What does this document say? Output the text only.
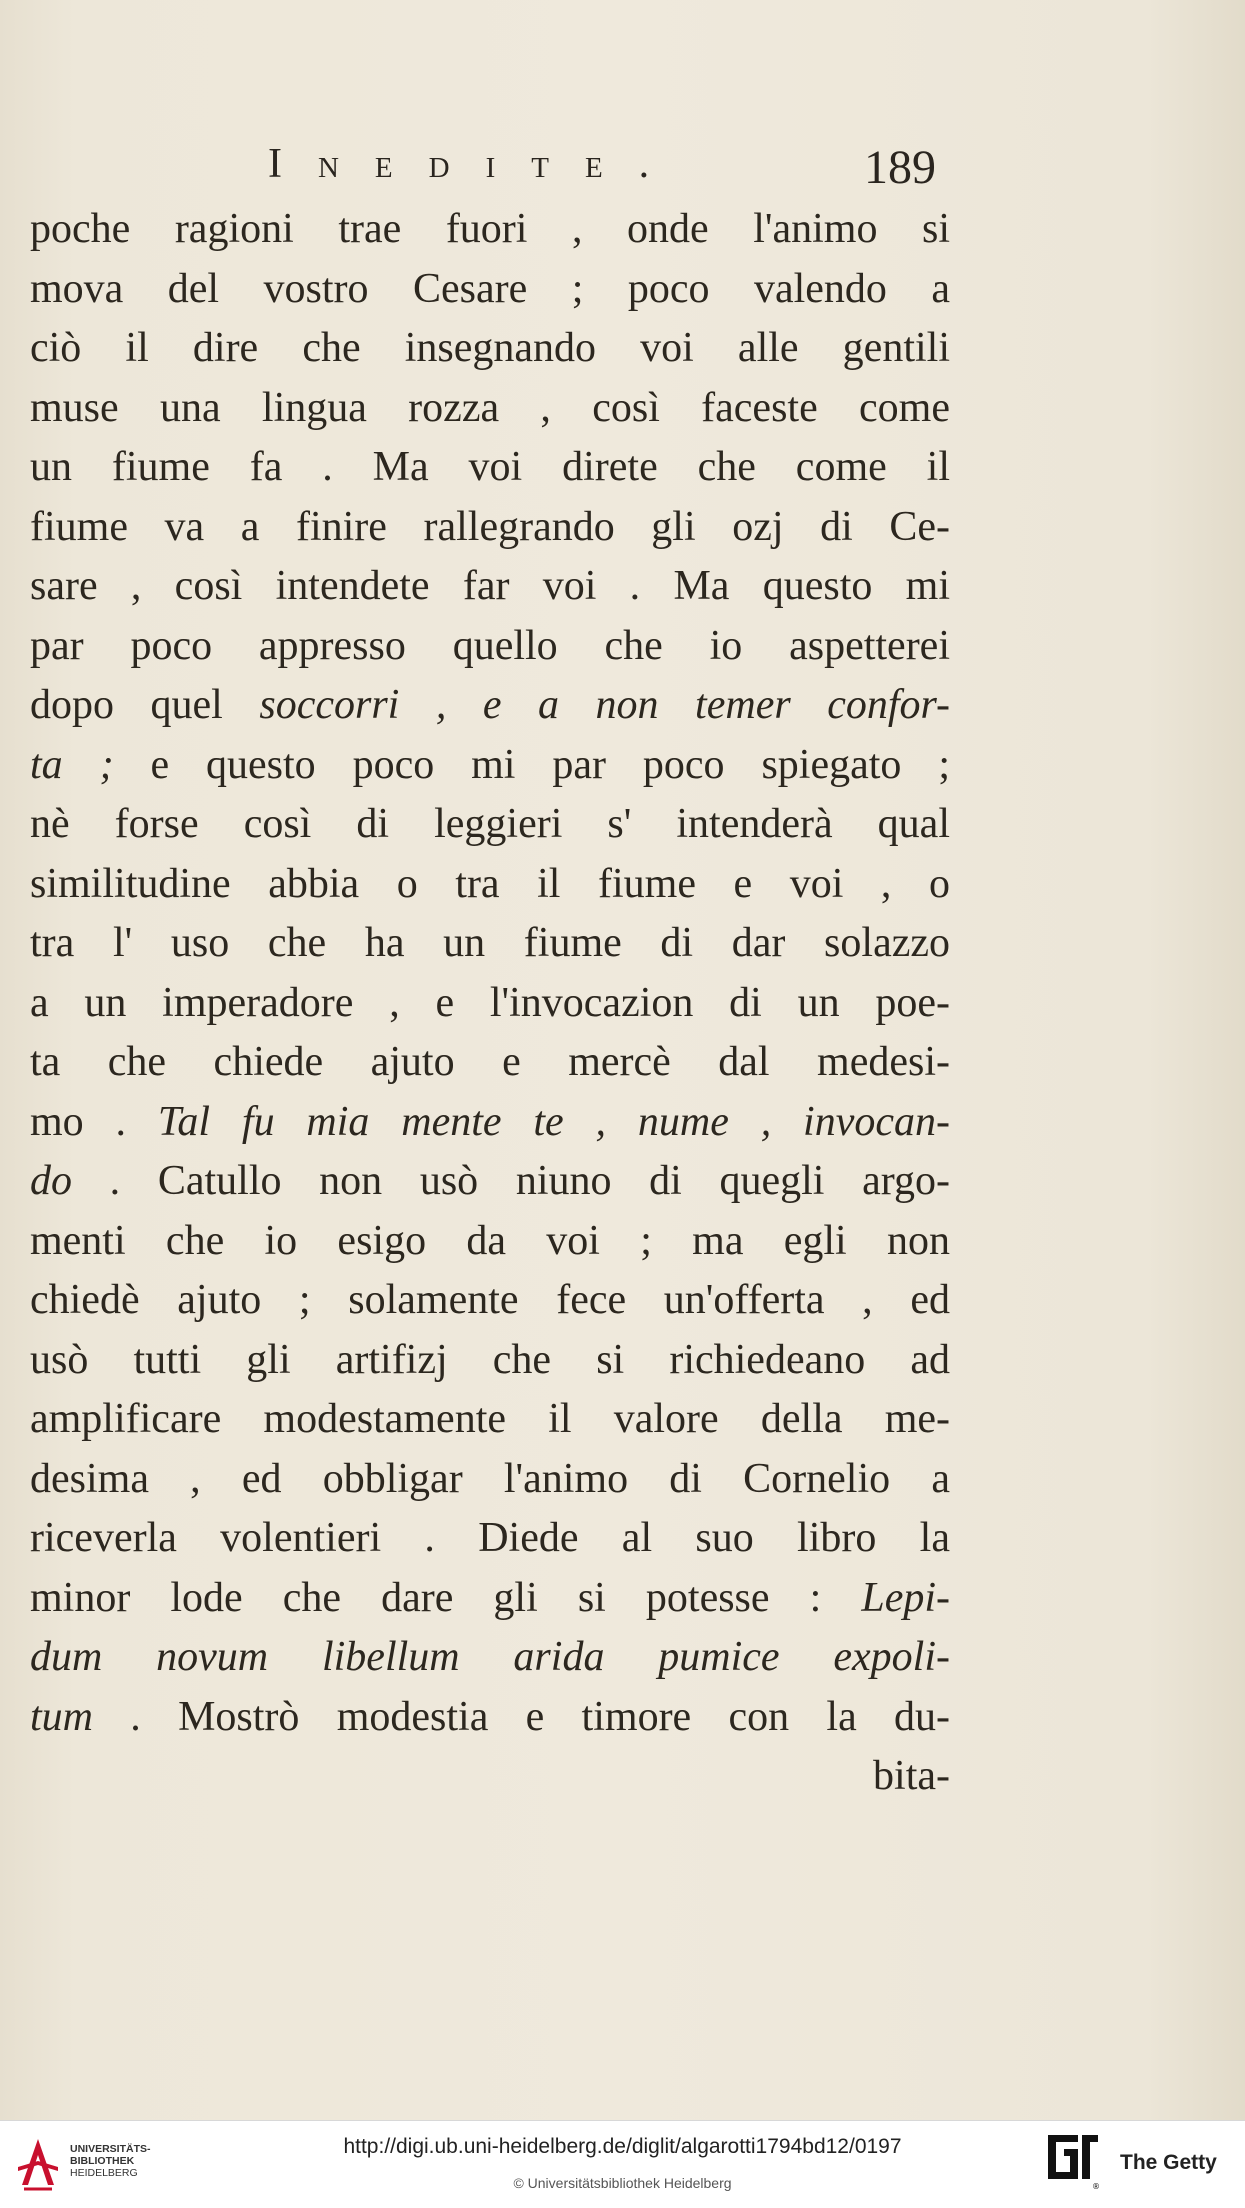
Inedite.	189
poche ragioni trae fuori , onde l'animo si
mova del vostro Cesare ; poco valendo a
ciò il dire che insegnando voi alle gentili
muse una lingua rozza , così faceste come
un fiume fa . Ma voi direte che come il
fiume va a finire rallegrando gli ozj di Ce-
sare , così intendete far voi . Ma questo mi
par poco appresso quello che io aspetterei
dopo quel soccorri , e a non temer confor-
ta ; e questo poco mi par poco spiegato ;
nè forse così di leggieri s' intenderà qual
similitudine abbia o tra il fiume e voi , o
tra l' uso che ha un fiume di dar solazzo
a un imperadore , e l'invocazion di un poe-
ta che chiede ajuto e mercè dal medesi-
mo . Tal fu mia mente te , nume , invocan-
do . Catullo non usò niuno di quegli argo-
menti che io esigo da voi ; ma egli non
chiedè ajuto ; solamente fece un'offerta , ed
usò tutti gli artifizj che si richiedeano ad
amplificare modestamente il valore della me-
desima , ed obbligar l'animo di Cornelio a
riceverla volentieri . Diede al suo libro la
minor lode che dare gli si potesse : Lepi-
dum novum libellum arida pumice expoli-
tum . Mostrò modestia e timore con la du-
bita-
UNIVERSITÄTS-
BIBLIOTHEK
HEIDELBERG
http://digi.ub.uni-heidelberg.de/diglit/algarotti1794bd12/0197
© Universitätsbibliothek Heidelberg	®
The Getty
